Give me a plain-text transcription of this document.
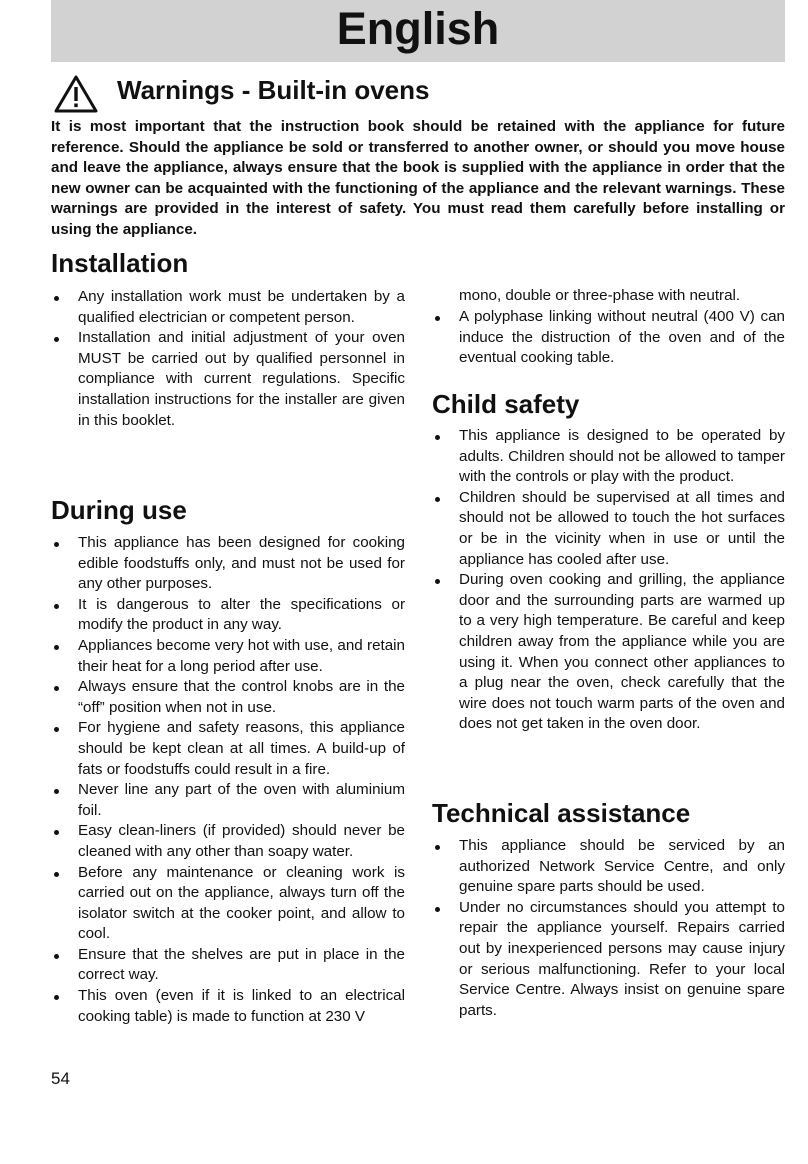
English
Warnings - Built-in ovens

It is most important that the instruction book should be retained with the appliance for future reference. Should the appliance be sold or transferred to another owner, or should you move house and leave the appliance, always ensure that the book is supplied with the appliance in order that the new owner can be acquainted with the functioning of the appliance and the relevant warnings. These warnings are provided in the interest of safety. You must read them carefully before installing or using the appliance.

Installation
Any installation work must be undertaken by a qualified electrician or competent person.
Installation and initial adjustment of your oven MUST be carried out by qualified personnel in compliance with current regulations. Specific installation instructions for the installer are given in this booklet.
During use
This appliance has been designed for cooking edible foodstuffs only, and must not be used for any other purposes.
It is dangerous to alter the specifications or modify the product in any way.
Appliances become very hot with use, and retain their heat for a long period after use.
Always ensure that the control knobs are in the “off” position when not in use.
For hygiene and safety reasons, this appliance should be kept clean at all times. A build-up of fats or foodstuffs could result in a fire.
Never line any part of the oven with aluminium foil.
Easy clean-liners (if provided) should never be cleaned with any other than soapy water.
Before any maintenance or cleaning work is carried out on the appliance, always turn off the isolator switch at the cooker point, and allow to cool.
Ensure that the shelves are put in place in the correct way.
This oven (even if it is linked to an electrical cooking table) is made to function at 230 V

mono, double or three-phase with neutral.

A polyphase linking without neutral (400 V) can induce the distruction of the oven and of the eventual cooking table.
Child safety
This appliance is designed to be operated by adults. Children should not be allowed to tamper with the controls or play with the product.
Children should be supervised at all times and should not be allowed to touch the hot surfaces or be in the vicinity when in use or until the appliance has cooled after use.
During oven cooking and grilling, the appliance door and the surrounding parts are warmed up to a very high temperature. Be careful and keep children away from the appliance while you are using it. When you connect other appliances to a plug near the oven, check carefully that the wire does not touch warm parts of the oven and does not get taken in the oven door.
Technical assistance
This appliance should be serviced by an authorized Network Service Centre, and only genuine spare parts should be used.
Under no circumstances should you attempt to repair the appliance yourself. Repairs carried out by inexperienced persons may cause injury or serious malfunctioning. Refer to your local Service Centre. Always insist on genuine spare parts.
54
